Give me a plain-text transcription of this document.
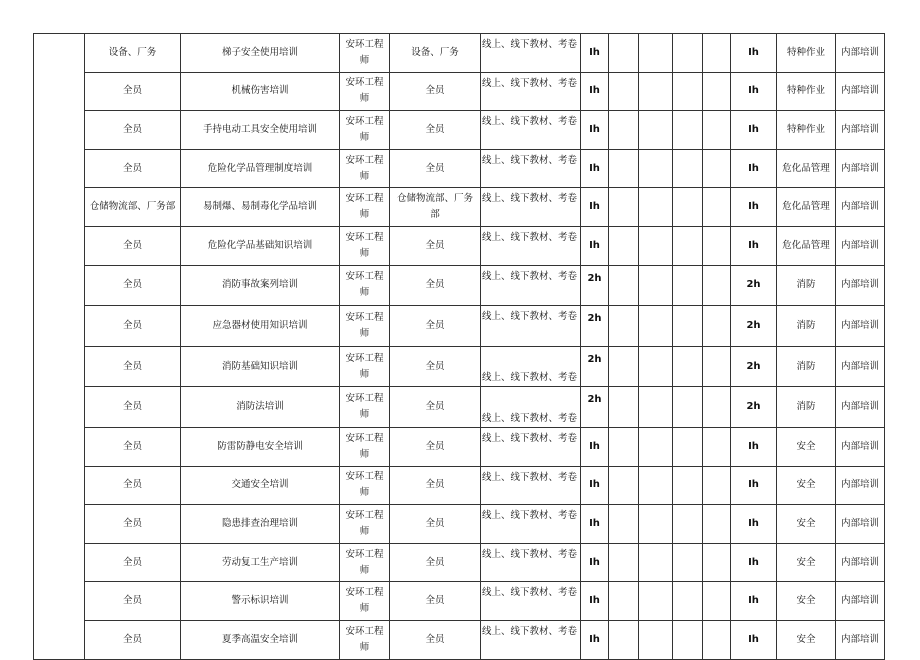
	设备、厂务	梯子安全使用培训	安环工程师	设备、厂务	线上、线下教材、考卷	Ih					Ih	特种作业	内部培训
	全员	机械伤害培训	安环工程师	全员	线上、线下教材、考卷	Ih					Ih	特种作业	内部培训
	全员	手持电动工具安全使用培训	安环工程师	全员	线上、线下教材、考卷	Ih					Ih	特种作业	内部培训
	全员	危险化学品管理制度培训	安环工程师	全员	线上、线下教材、考卷	Ih					Ih	危化品管理	内部培训
	仓储物流部、厂务部	易制爆、易制毒化学品培训	安环工程师	仓储物流部、厂务部	线上、线下教材、考卷	Ih					Ih	危化品管理	内部培训
	全员	危险化学品基础知识培训	安环工程师	全员	线上、线下教材、考卷	Ih					Ih	危化品管理	内部培训
	全员	消防事故案列培训	安环工程师	全员	线上、线下教材、考卷	2h					2h	消防	内部培训
	全员	应急器材使用知识培训	安环工程师	全员	线上、线下教材、考卷	2h					2h	消防	内部培训
	全员	消防基础知识培训	安环工程师	全员	线上、线下教材、考卷	2h					2h	消防	内部培训
	全员	消防法培训	安环工程师	全员	线上、线下教材、考卷	2h					2h	消防	内部培训
	全员	防雷防静电安全培训	安环工程师	全员	线上、线下教材、考卷	Ih					Ih	安全	内部培训
	全员	交通安全培训	安环工程师	全员	线上、线下教材、考卷	Ih					Ih	安全	内部培训
	全员	隐患排查治理培训	安环工程师	全员	线上、线下教材、考卷	Ih					Ih	安全	内部培训
	全员	劳动复工生产培训	安环工程师	全员	线上、线下教材、考卷	Ih					Ih	安全	内部培训
	全员	警示标识培训	安环工程师	全员	线上、线下教材、考卷	Ih					Ih	安全	内部培训
	全员	夏季高温安全培训	安环工程师	全员	线上、线下教材、考卷	Ih					Ih	安全	内部培训
